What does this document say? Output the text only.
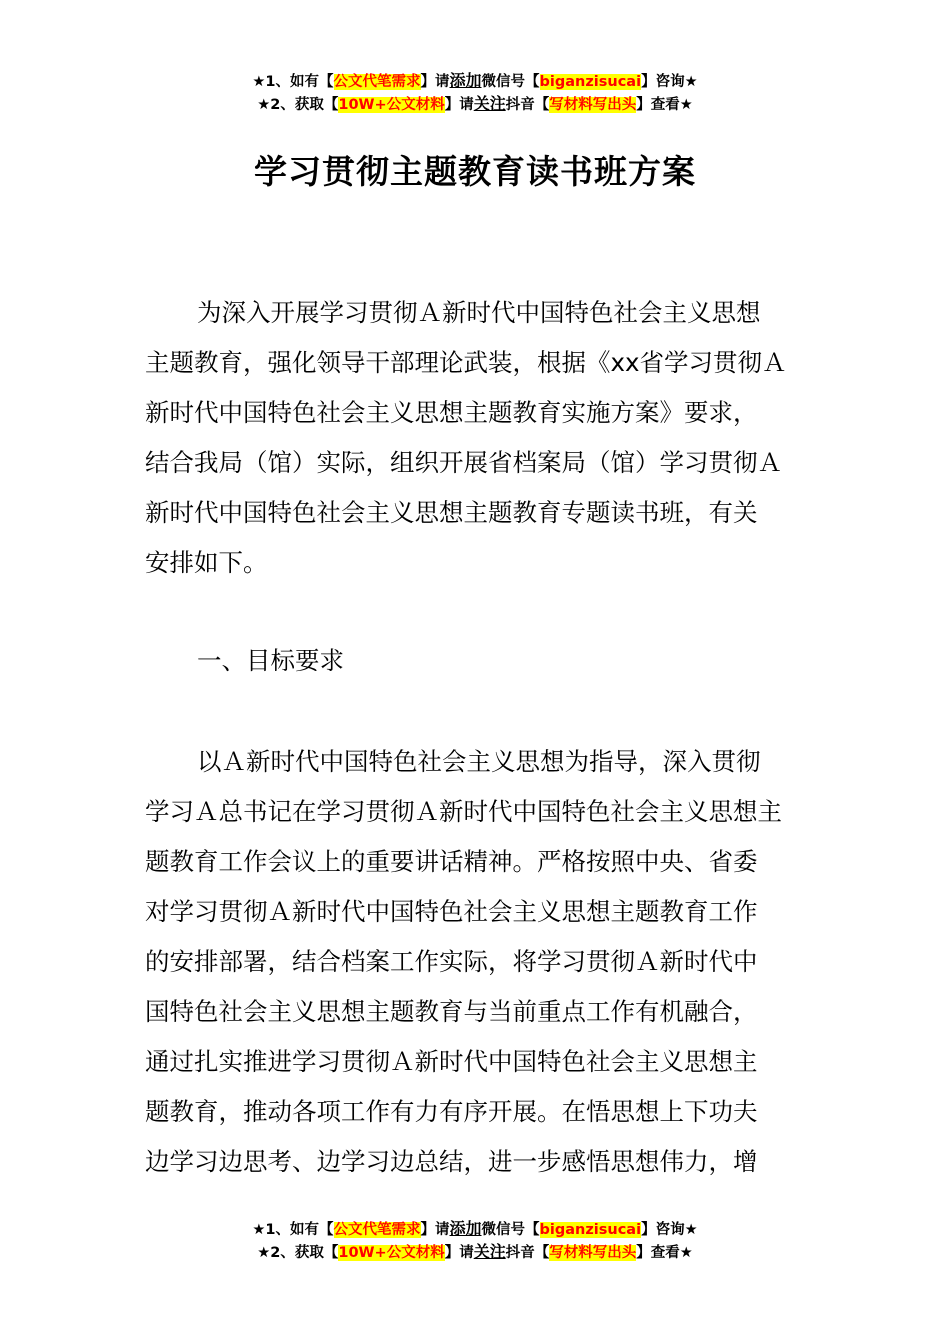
★1、如有【公文代笔需求】请添加微信号【biganzisucai】咨询★
★2、获取【10W+公文材料】请关注抖音【写材料写出头】查看★
学习贯彻主题教育读书班方案
为深入开展学习贯彻Ａ新时代中国特色社会主义思想
主题教育，强化领导干部理论武装，根据《xx省学习贯彻Ａ
新时代中国特色社会主义思想主题教育实施方案》要求，
结合我局（馆）实际，组织开展省档案局（馆）学习贯彻Ａ
新时代中国特色社会主义思想主题教育专题读书班，有关
安排如下。
一、目标要求
以Ａ新时代中国特色社会主义思想为指导，深入贯彻
学习Ａ总书记在学习贯彻Ａ新时代中国特色社会主义思想主
题教育工作会议上的重要讲话精神。严格按照中央、省委
对学习贯彻Ａ新时代中国特色社会主义思想主题教育工作
的安排部署，结合档案工作实际，将学习贯彻Ａ新时代中
国特色社会主义思想主题教育与当前重点工作有机融合，
通过扎实推进学习贯彻Ａ新时代中国特色社会主义思想主
题教育，推动各项工作有力有序开展。在悟思想上下功夫
边学习边思考、边学习边总结，进一步感悟思想伟力，增
★1、如有【公文代笔需求】请添加微信号【biganzisucai】咨询★
★2、获取【10W+公文材料】请关注抖音【写材料写出头】查看★
